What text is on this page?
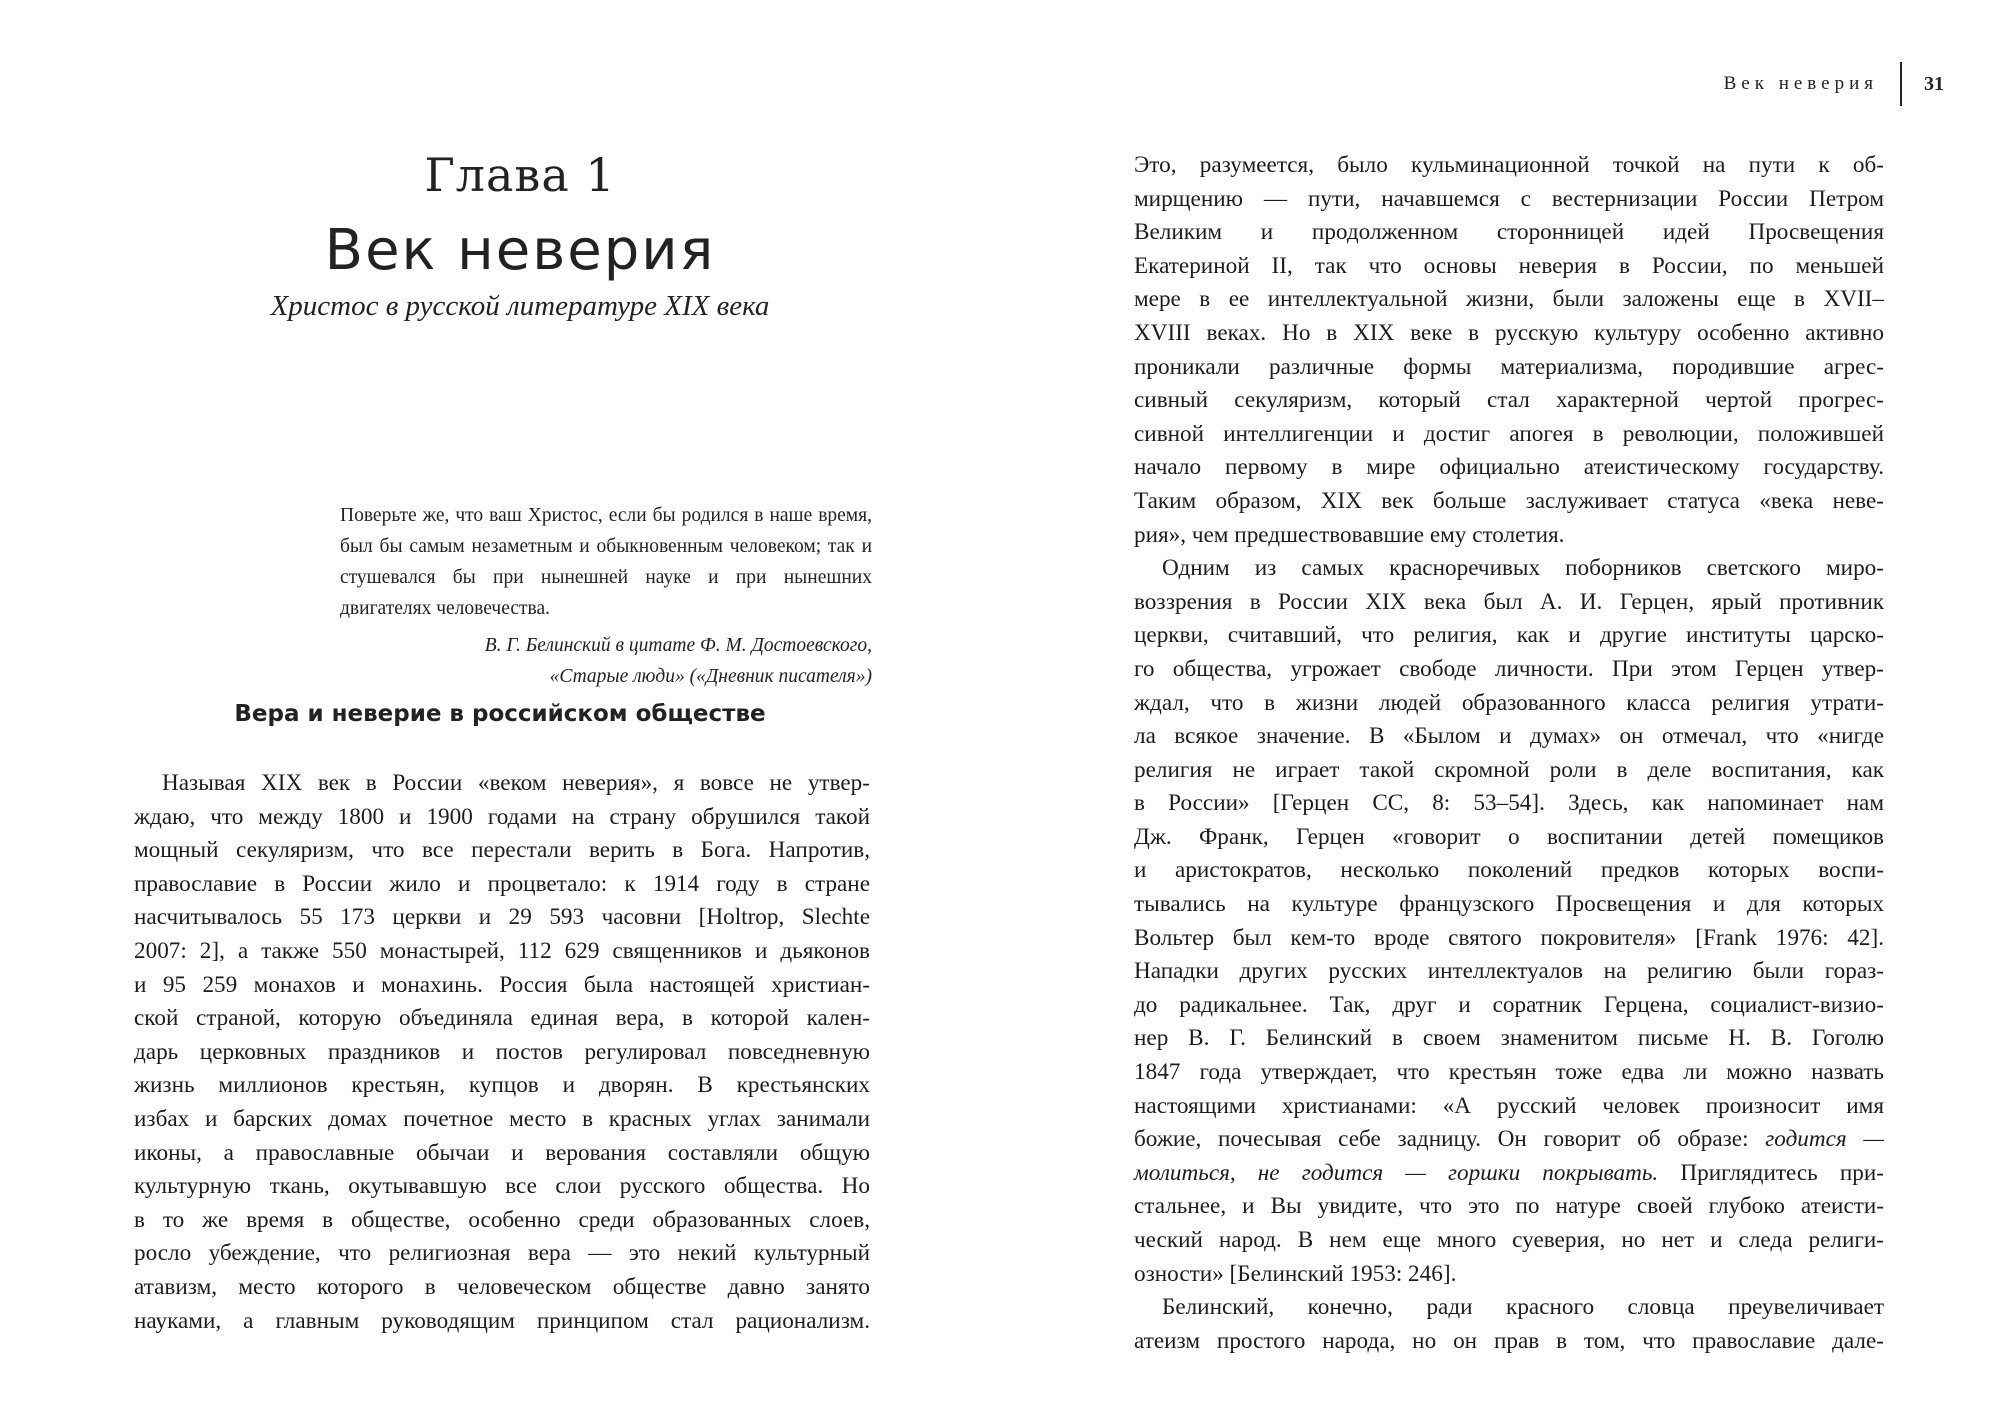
Глава 1
Век неверия
Христос в русской литературе XIX века

Поверьте же, что ваш Христос, если бы родился в наше время, был бы самым незаметным и обыкновенным человеком; так и стушевался бы при нынешней науке и при нынешних двигателях человечества.

В. Г. Белинский в цитате Ф. М. Достоевского,
«Старые люди» («Дневник писателя»)

Вера и неверие в российском обществе
Называя XIX век в России «веком неверия», я вовсе не утвер-
ждаю, что между 1800 и 1900 годами на страну обрушился такой
мощный секуляризм, что все перестали верить в Бога. Напротив,
православие в России жило и процветало: к 1914 году в стране
насчитывалось 55 173 церкви и 29 593 часовни [Holtrop, Slechte
2007: 2], а также 550 монастырей, 112 629 священников и дьяконов
и 95 259 монахов и монахинь. Россия была настоящей христиан-
ской страной, которую объединяла единая вера, в которой кален-
дарь церковных праздников и постов регулировал повседневную
жизнь миллионов крестьян, купцов и дворян. В крестьянских
избах и барских домах почетное место в красных углах занимали
иконы, а православные обычаи и верования составляли общую
культурную ткань, окутывавшую все слои русского общества. Но
в то же время в обществе, особенно среди образованных слоев,
росло убеждение, что религиозная вера — это некий культурный
атавизм, место которого в человеческом обществе давно занято
науками, а главным руководящим принципом стал рационализм.
Век неверия	31
Это, разумеется, было кульминационной точкой на пути к об-
мирщению — пути, начавшемся с вестернизации России Петром
Великим и продолженном сторонницей идей Просвещения
Екатериной II, так что основы неверия в России, по меньшей
мере в ее интеллектуальной жизни, были заложены еще в XVII–
XVIII веках. Но в XIX веке в русскую культуру особенно активно
проникали различные формы материализма, породившие агрес-
сивный секуляризм, который стал характерной чертой прогрес-
сивной интеллигенции и достиг апогея в революции, положившей
начало первому в мире официально атеистическому государству.
Таким образом, XIX век больше заслуживает статуса «века неве-
рия», чем предшествовавшие ему столетия.
Одним из самых красноречивых поборников светского миро-
воззрения в России XIX века был А. И. Герцен, ярый противник
церкви, считавший, что религия, как и другие институты царско-
го общества, угрожает свободе личности. При этом Герцен утвер-
ждал, что в жизни людей образованного класса религия утрати-
ла всякое значение. В «Былом и думах» он отмечал, что «нигде
религия не играет такой скромной роли в деле воспитания, как
в России» [Герцен СС, 8: 53–54]. Здесь, как напоминает нам
Дж. Франк, Герцен «говорит о воспитании детей помещиков
и аристократов, несколько поколений предков которых воспи-
тывались на культуре французского Просвещения и для которых
Вольтер был кем-то вроде святого покровителя» [Frank 1976: 42].
Нападки других русских интеллектуалов на религию были гораз-
до радикальнее. Так, друг и соратник Герцена, социалист-визио-
нер В. Г. Белинский в своем знаменитом письме Н. В. Гоголю
1847 года утверждает, что крестьян тоже едва ли можно назвать
настоящими христианами: «А русский человек произносит имя
божие, почесывая себе задницу. Он говорит об образе: годится —
молиться, не годится — горшки покрывать. Приглядитесь при-
стальнее, и Вы увидите, что это по натуре своей глубоко атеисти-
ческий народ. В нем еще много суеверия, но нет и следа религи-
озности» [Белинский 1953: 246].
Белинский, конечно, ради красного словца преувеличивает
атеизм простого народа, но он прав в том, что православие дале-
